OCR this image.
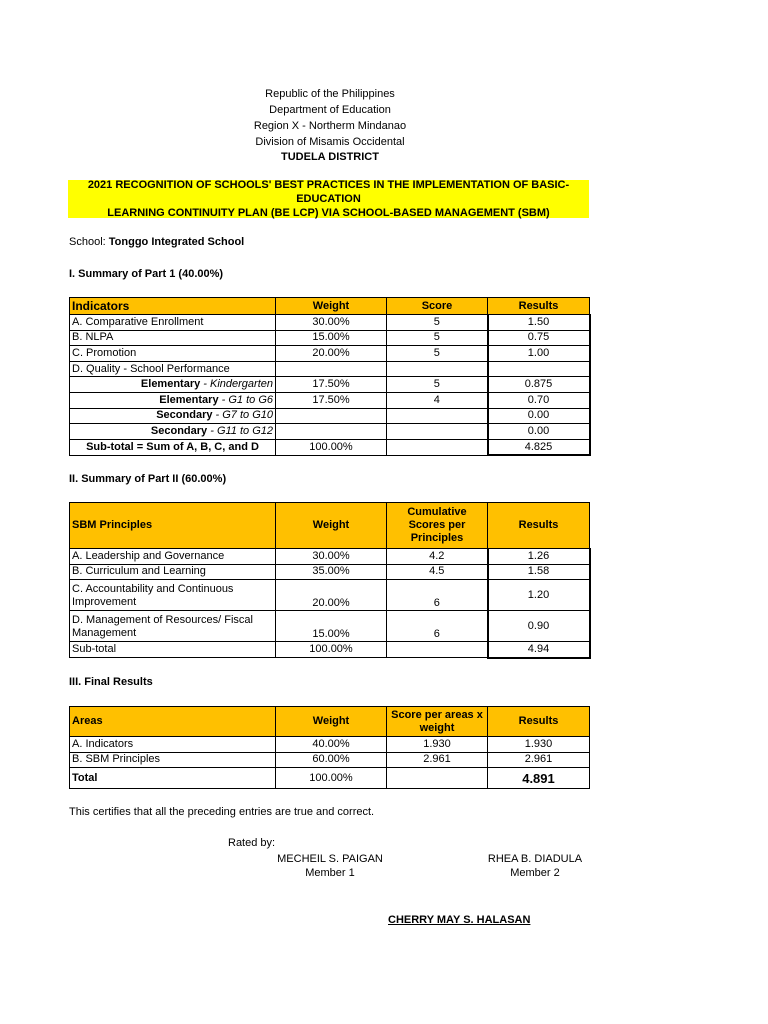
Republic of the Philippines
Department of Education
Region X - Northerm Mindanao
Division of Misamis Occidental
TUDELA DISTRICT
2021 RECOGNITION OF SCHOOLS' BEST PRACTICES IN THE IMPLEMENTATION OF BASIC-EDUCATION
LEARNING CONTINUITY PLAN (BE LCP) VIA SCHOOL-BASED MANAGEMENT (SBM)
School: Tonggo Integrated School
I. Summary of Part 1 (40.00%)
Indicators	Weight	Score	Results
A. Comparative Enrollment	30.00%	5	1.50
B. NLPA	15.00%	5	0.75
C. Promotion	20.00%	5	1.00
D. Quality - School Performance			
Elementary - Kindergarten	17.50%	5	0.875
Elementary - G1 to G6	17.50%	4	0.70
Secondary - G7 to G10			0.00
Secondary - G11 to G12			0.00
Sub-total = Sum of A, B, C, and D	100.00%		4.825
II. Summary of Part II (60.00%)
SBM Principles	Weight	Cumulative Scores per Principles	Results
A. Leadership and Governance	30.00%	4.2	1.26
B. Curriculum and Learning	35.00%	4.5	1.58

C. Accountability and Continuous
Improvement	20.00%	6	1.20

D. Management of Resources/ Fiscal
Management	15.00%	6	0.90
Sub-total	100.00%		4.94
III. Final Results
Areas	Weight	Score per areas x weight	Results
A. Indicators	40.00%	1.930	1.930
B. SBM Principles	60.00%	2.961	2.961
Total	100.00%		4.891
This certifies that all the preceding entries are true and correct.
Rated by:
MECHEIL S. PAIGAN
Member 1
RHEA B. DIADULA
Member 2
CHERRY MAY S. HALASAN
